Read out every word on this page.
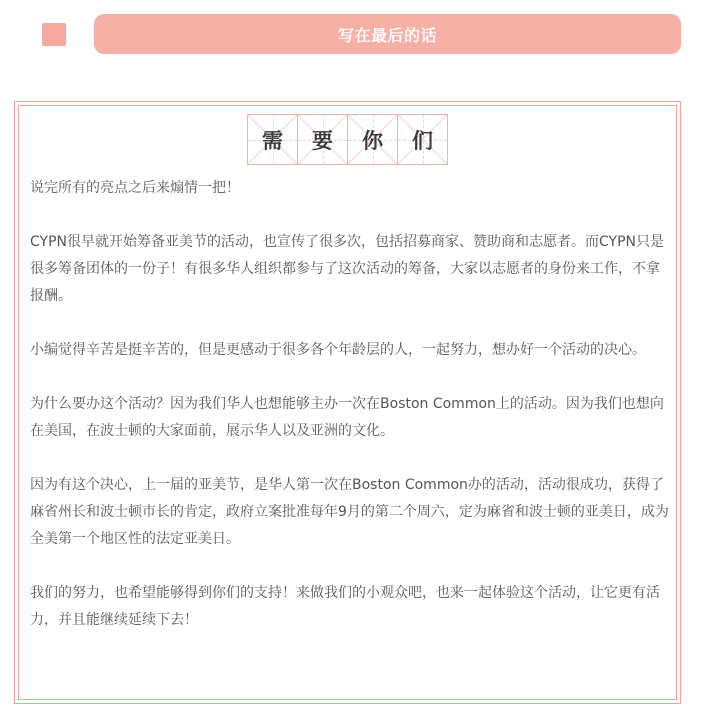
写在最后的话
需 要 你 们

说完所有的亮点之后来煽情一把！

CYPN很早就开始筹备亚美节的活动，也宣传了很多次，包括招募商家、赞助商和志愿者。而CYPN只是很多筹备团体的一份子！有很多华人组织都参与了这次活动的筹备，大家以志愿者的身份来工作，不拿报酬。

小编觉得辛苦是挺辛苦的，但是更感动于很多各个年龄层的人，一起努力，想办好一个活动的决心。

为什么要办这个活动？因为我们华人也想能够主办一次在Boston Common上的活动。因为我们也想向在美国，在波士顿的大家面前，展示华人以及亚洲的文化。

因为有这个决心，上一届的亚美节，是华人第一次在Boston Common办的活动，活动很成功，获得了麻省州长和波士顿市长的肯定，政府立案批准每年9月的第二个周六，定为麻省和波士顿的亚美日，成为全美第一个地区性的法定亚美日。

我们的努力，也希望能够得到你们的支持！来做我们的小观众吧，也来一起体验这个活动，让它更有活力，并且能继续延续下去！
